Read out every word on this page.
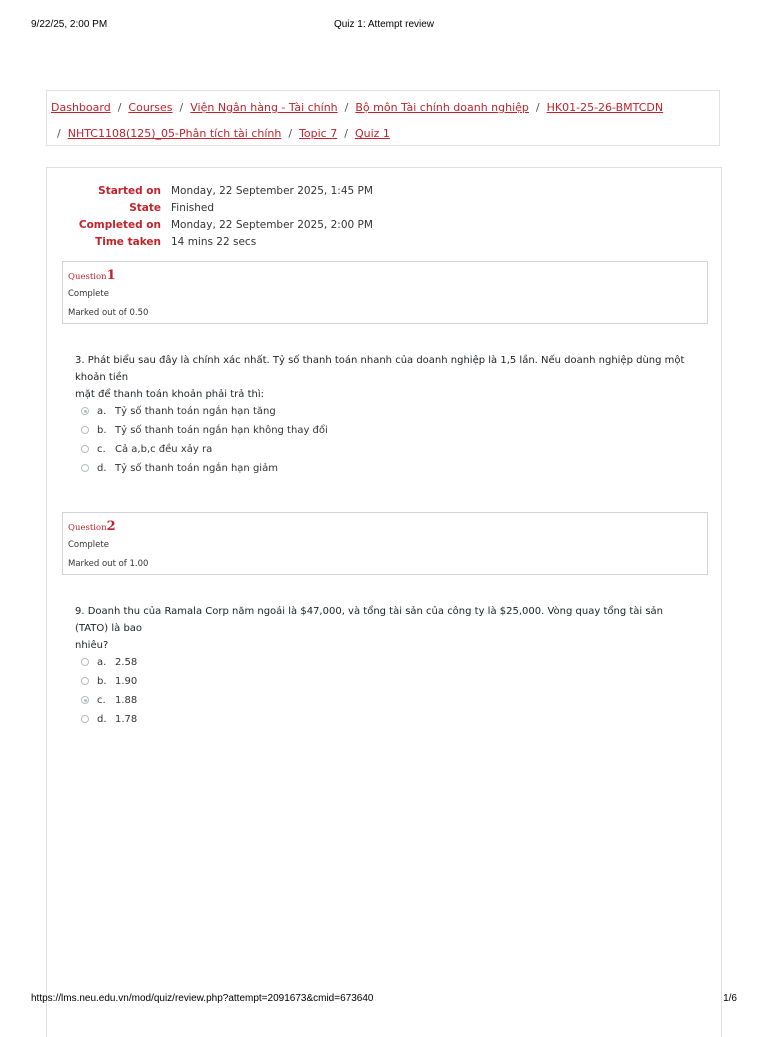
9/22/25, 2:00 PM	Quiz 1: Attempt review
Dashboard / Courses / Viện Ngân hàng - Tài chính / Bộ môn Tài chính doanh nghiệp / HK01-25-26-BMTCDN
/ NHTC1108(125)_05-Phân tích tài chính / Topic 7 / Quiz 1
Started on Monday, 22 September 2025, 1:45 PM
State Finished
Completed on Monday, 22 September 2025, 2:00 PM
Time taken 14 mins 22 secs
Question1
Complete
Marked out of 0.50
3. Phát biểu sau đây là chính xác nhất. Tỷ số thanh toán nhanh của doanh nghiệp là 1,5 lần. Nếu doanh nghiệp dùng một khoản tiền
mặt để thanh toán khoản phải trả thì:
a. Tỷ số thanh toán ngắn hạn tăng
b. Tỷ số thanh toán ngắn hạn không thay đổi
c. Cả a,b,c đều xảy ra
d. Tỷ số thanh toán ngắn hạn giảm
Question2
Complete
Marked out of 1.00
9. Doanh thu của Ramala Corp năm ngoái là $47,000, và tổng tài sản của công ty là $25,000. Vòng quay tổng tài sản (TATO) là bao
nhiêu?
a. 2.58
b. 1.90
c. 1.88
d. 1.78
https://lms.neu.edu.vn/mod/quiz/review.php?attempt=2091673&cmid=673640	1/6
